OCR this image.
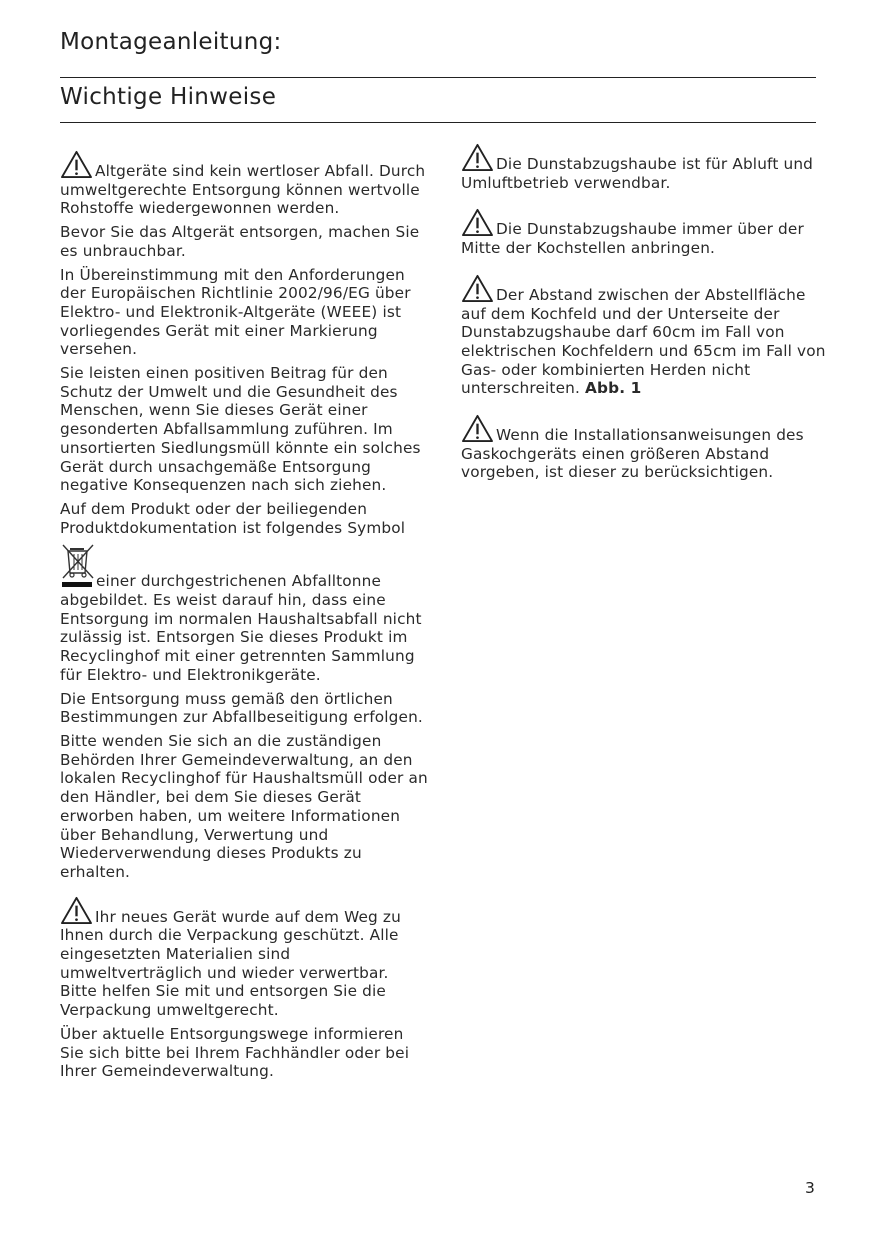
Montageanleitung:
Wichtige Hinweise

Altgeräte sind kein wertloser Abfall. Durch umweltgerechte Entsorgung können wertvolle Rohstoffe wiedergewonnen werden.

Bevor Sie das Altgerät entsorgen, machen Sie es unbrauchbar.

In Übereinstimmung mit den Anforderungen der Europäischen Richtlinie 2002/96/EG über Elektro- und Elektronik-Altgeräte (WEEE) ist vorliegendes Gerät mit einer Markierung versehen.

Sie leisten einen positiven Beitrag für den Schutz der Umwelt und die Gesundheit des Menschen, wenn Sie dieses Gerät einer gesonderten Abfallsammlung zuführen. Im unsortierten Siedlungsmüll könnte ein solches Gerät durch unsachgemäße Entsorgung negative Konsequenzen nach sich ziehen.

Auf dem Produkt oder der beiliegenden Produktdokumentation ist folgendes Symbol

einer durchgestrichenen Abfalltonne abgebildet. Es weist darauf hin, dass eine Entsorgung im normalen Haushaltsabfall nicht zulässig ist. Entsorgen Sie dieses Produkt im Recyclinghof mit einer getrennten Sammlung für Elektro- und Elektronikgeräte.

Die Entsorgung muss gemäß den örtlichen Bestimmungen zur Abfallbeseitigung erfolgen.

Bitte wenden Sie sich an die zuständigen Behörden Ihrer Gemeindeverwaltung, an den lokalen Recyclinghof für Haushaltsmüll oder an den Händler, bei dem Sie dieses Gerät erworben haben, um weitere Informationen über Behandlung, Verwertung und Wiederverwendung dieses Produkts zu erhalten.

Ihr neues Gerät wurde auf dem Weg zu Ihnen durch die Verpackung geschützt. Alle eingesetzten Materialien sind umweltverträglich und wieder verwertbar. Bitte helfen Sie mit und entsorgen Sie die Verpackung umweltgerecht.

Über aktuelle Entsorgungswege informieren Sie sich bitte bei Ihrem Fachhändler oder bei Ihrer Gemeindeverwaltung.

Die Dunstabzugshaube ist für Abluft und Umluftbetrieb verwendbar.

Die Dunstabzugshaube immer über der Mitte der Kochstellen anbringen.

Der Abstand zwischen der Abstellfläche auf dem Kochfeld und der Unterseite der Dunstabzugshaube darf 60cm im Fall von elektrischen Kochfeldern und 65cm im Fall von Gas- oder kombinierten Herden nicht unterschreiten. Abb. 1

Wenn die Installationsanweisungen des Gaskochgeräts einen größeren Abstand vorgeben, ist dieser zu berücksichtigen.

3
